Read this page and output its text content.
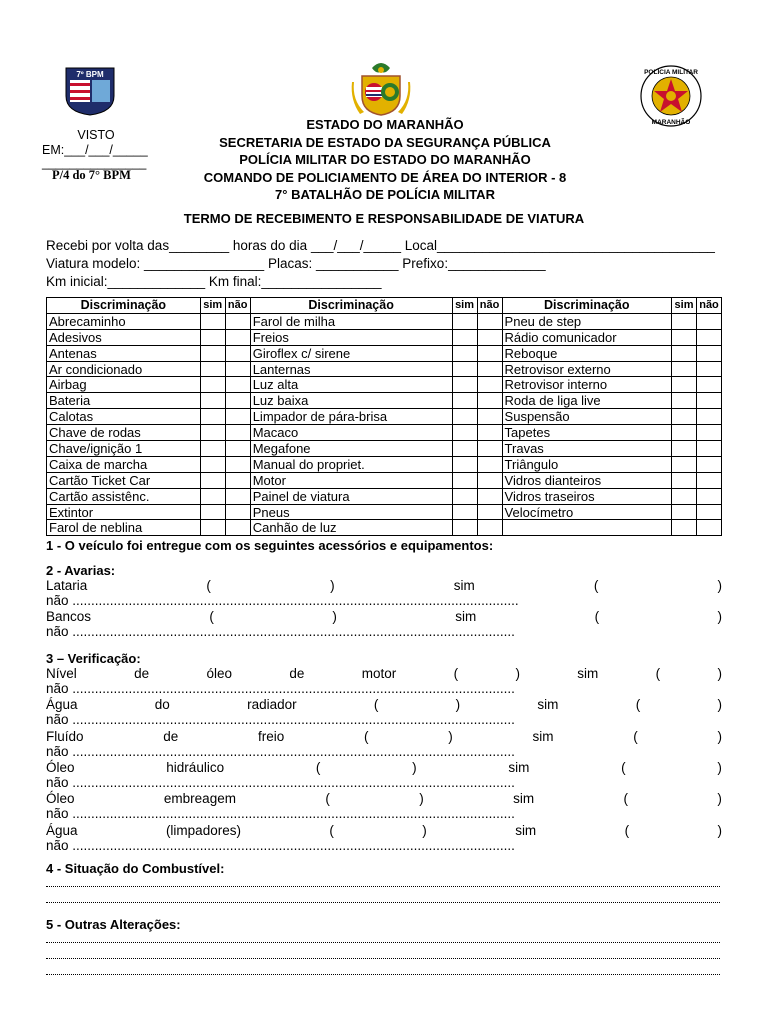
7º BPM	POLÍCIA MILITAR
MARANHÃO
ESTADO DO MARANHÃO
SECRETARIA DE ESTADO DA SEGURANÇA PÚBLICA
POLÍCIA MILITAR DO ESTADO DO MARANHÃO
COMANDO DE POLICIAMENTO DE ÁREA DO INTERIOR - 8
7° BATALHÃO DE POLÍCIA MILITAR
VISTO
EM:___/___/_____
_______________
P/4 do 7° BPM
TERMO DE RECEBIMENTO E RESPONSABILIDADE DE VIATURA
Recebi por volta das________ horas do dia ___/___/_____ Local_____________________________________
Viatura modelo: ________________ Placas: ___________ Prefixo:_____________
Km inicial:_____________ Km final:________________
Discriminação	sim	não	Discriminação	sim	não	Discriminação	sim	não
Abrecaminho			Farol de milha			Pneu de step		
Adesivos			Freios			Rádio comunicador		
Antenas			Giroflex c/ sirene			Reboque		
Ar condicionado			Lanternas			Retrovisor externo		
Airbag			Luz alta			Retrovisor interno		
Bateria			Luz baixa			Roda de liga live		
Calotas			Limpador de pára-brisa			Suspensão		
Chave de rodas			Macaco			Tapetes		
Chave/ignição 1			Megafone			Travas		
Caixa de marcha			Manual do propriet.			Triângulo		
Cartão Ticket Car			Motor			Vidros dianteiros		
Cartão assistênc.			Painel de viatura			Vidros traseiros		
Extintor			Pneus			Velocímetro		
Farol de neblina			Canhão de luz					
1 - O veículo foi entregue com os seguintes acessórios e equipamentos:
2 - Avarias:
Lataria	(	)	sim	(	)
não .......................................................................................................................
Bancos	(	)	sim	(	)
não ......................................................................................................................
3 – Verificação:
Nível	de	óleo	de	motor	(	)	sim	(	)
não ......................................................................................................................
Água	do	radiador	(	)	sim	(	)
não ......................................................................................................................
Fluído	de	freio	(	)	sim	(	)
não ......................................................................................................................
Óleo	hidráulico	(	)	sim	(	)
não ......................................................................................................................
Óleo	embreagem	(	)	sim	(	)
não ......................................................................................................................
Água	(limpadores)	(	)	sim	(	)
não ......................................................................................................................
4 - Situação do Combustível:
5 - Outras Alterações:
